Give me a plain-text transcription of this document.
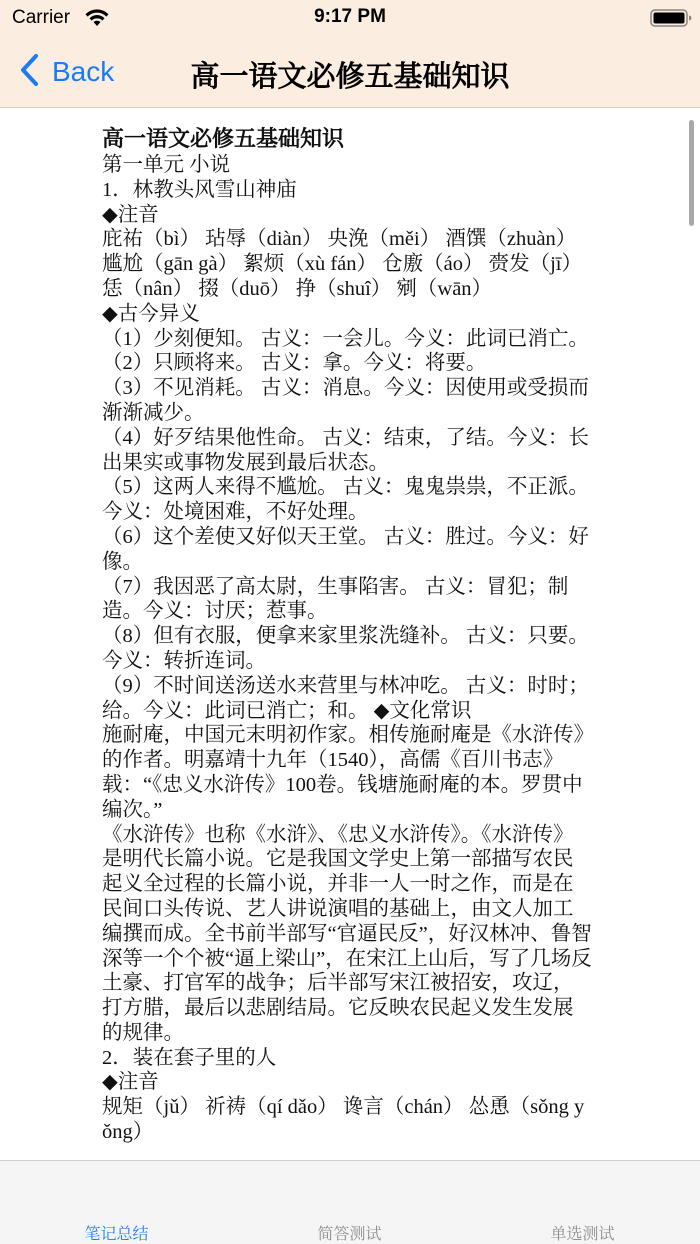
Carrier	9:17 PM
Back	高一语文必修五基础知识

高一语文必修五基础知识

第一单元 小说

1．林教头风雪山神庙

◆注音

庇祐（bì） 玷辱（diàn） 央浼（měi） 酒馔（zhuàn） 尴尬（gān gà） 絮烦（xù fán） 仓廒（áo） 赍发（jī） 恁（nân） 掇（duō） 挣（shuî） 剜（wān）

◆古今异义

（1）少刻便知。 古义：一会儿。今义：此词已消亡。

（2）只顾将来。 古义：拿。今义：将要。

（3）不见消耗。 古义：消息。今义：因使用或受损而渐渐减少。

（4）好歹结果他性命。 古义：结束，了结。今义：长出果实或事物发展到最后状态。

（5）这两人来得不尴尬。 古义：鬼鬼祟祟，不正派。今义：处境困难，不好处理。

（6）这个差使又好似天王堂。 古义：胜过。今义：好像。

（7）我因恶了高太尉，生事陷害。 古义：冒犯；制造。今义：讨厌；惹事。

（8）但有衣服，便拿来家里浆洗缝补。 古义：只要。今义：转折连词。

（9）不时间送汤送水来营里与林冲吃。 古义：时时；给。今义：此词已消亡；和。 ◆文化常识

施耐庵，中国元末明初作家。相传施耐庵是《水浒传》的作者。明嘉靖十九年（1540），高儒《百川书志》载：“《忠义水浒传》100卷。钱塘施耐庵的本。罗贯中编次。”

《水浒传》也称《水浒》、《忠义水浒传》。《水浒传》是明代长篇小说。它是我国文学史上第一部描写农民起义全过程的长篇小说，并非一人一时之作，而是在民间口头传说、艺人讲说演唱的基础上，由文人加工编撰而成。全书前半部写“官逼民反”，好汉林冲、鲁智深等一个个被“逼上梁山”，在宋江上山后，写了几场反土豪、打官军的战争；后半部写宋江被招安，攻辽，打方腊，最后以悲剧结局。它反映农民起义发生发展的规律。

2．装在套子里的人

◆注音

规矩（jǔ） 祈祷（qí dǎo） 谗言（chán） 怂恿（sǒng yǒng）

笔记总结	简答测试	单选测试
